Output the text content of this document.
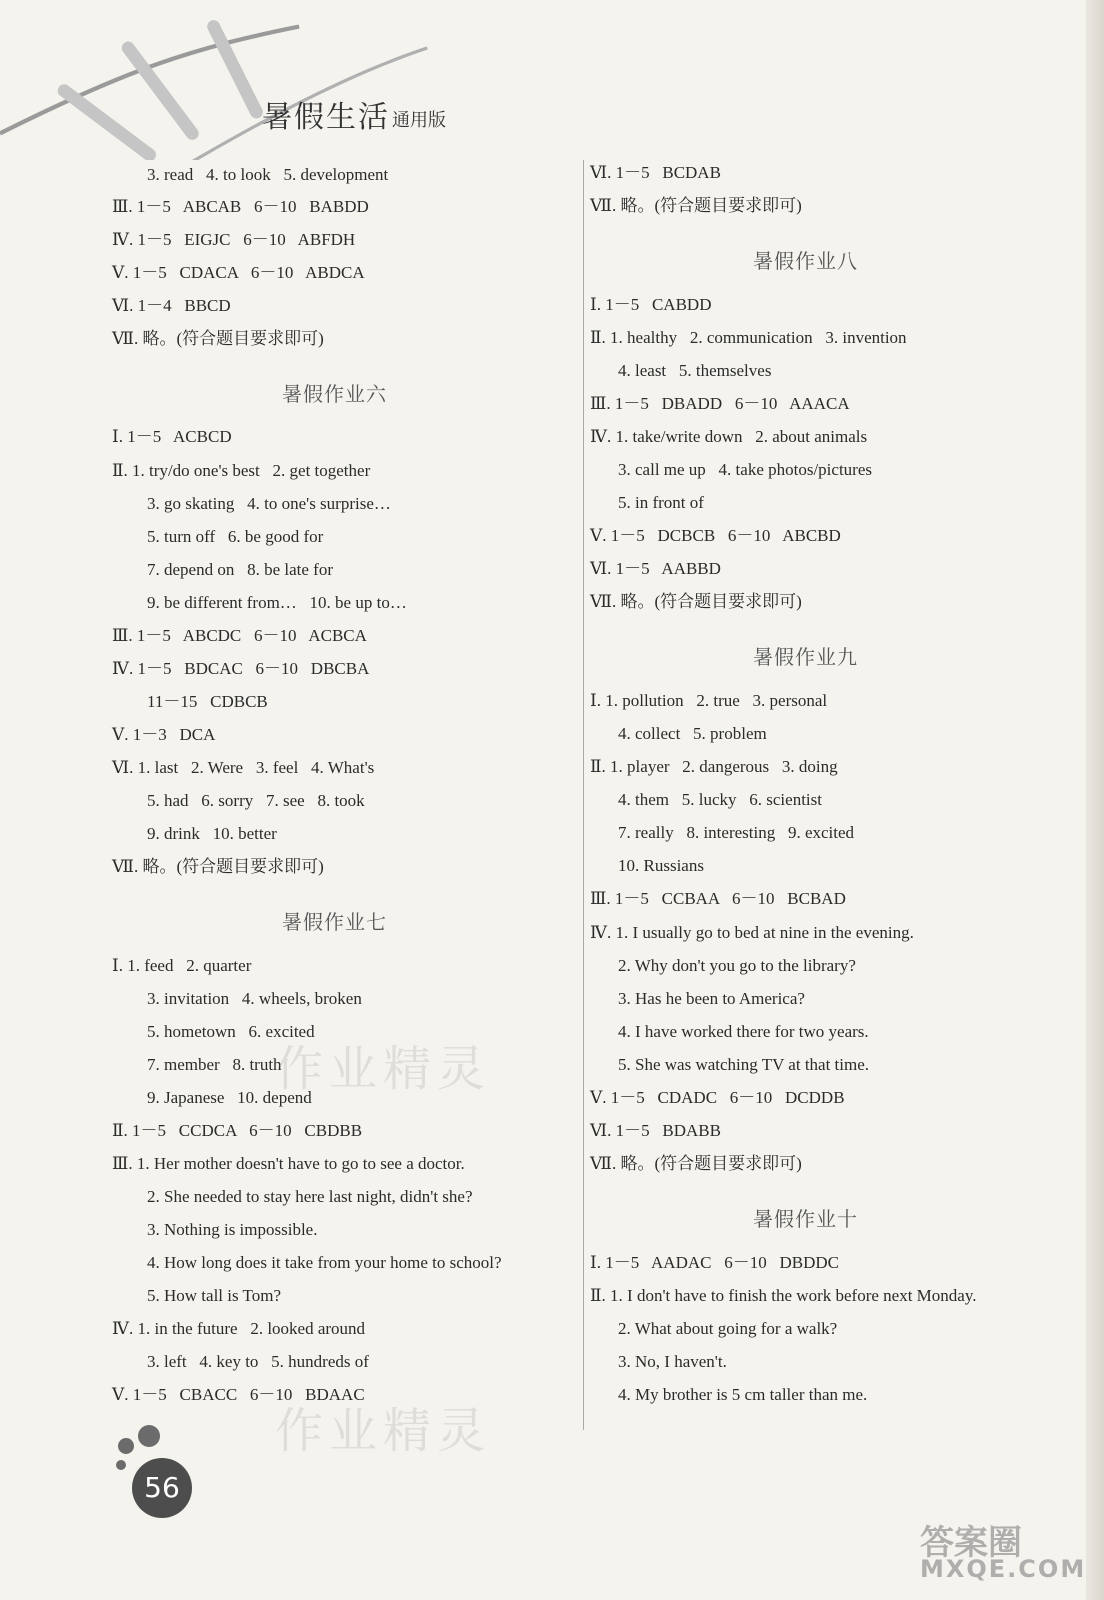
暑假生活 通用版
3. read   4. to look   5. development
Ⅲ. 1－5   ABCAB   6－10   BABDD
Ⅳ. 1－5   EIGJC   6－10   ABFDH
Ⅴ. 1－5   CDACA   6－10   ABDCA
Ⅵ. 1－4   BBCD
Ⅶ. 略。(符合题目要求即可)
暑假作业六
Ⅰ. 1－5   ACBCD
Ⅱ. 1. try/do one's best   2. get together
3. go skating   4. to one's surprise…
5. turn off   6. be good for
7. depend on   8. be late for
9. be different from…   10. be up to…
Ⅲ. 1－5   ABCDC   6－10   ACBCA
Ⅳ. 1－5   BDCAC   6－10   DBCBA
11－15   CDBCB
Ⅴ. 1－3   DCA
Ⅵ. 1. last   2. Were   3. feel   4. What's
5. had   6. sorry   7. see   8. took
9. drink   10. better
Ⅶ. 略。(符合题目要求即可)
暑假作业七
Ⅰ. 1. feed   2. quarter
3. invitation   4. wheels, broken
5. hometown   6. excited
7. member   8. truth
9. Japanese   10. depend
Ⅱ. 1－5   CCDCA   6－10   CBDBB
Ⅲ. 1. Her mother doesn't have to go to see a doctor.
2. She needed to stay here last night, didn't she?
3. Nothing is impossible.
4. How long does it take from your home to school?
5. How tall is Tom?
Ⅳ. 1. in the future   2. looked around
3. left   4. key to   5. hundreds of
Ⅴ. 1－5   CBACC   6－10   BDAAC
Ⅵ. 1－5   BCDAB
Ⅶ. 略。(符合题目要求即可)
暑假作业八
Ⅰ. 1－5   CABDD
Ⅱ. 1. healthy   2. communication   3. invention
4. least   5. themselves
Ⅲ. 1－5   DBADD   6－10   AAACA
Ⅳ. 1. take/write down   2. about animals
3. call me up   4. take photos/pictures
5. in front of
Ⅴ. 1－5   DCBCB   6－10   ABCBD
Ⅵ. 1－5   AABBD
Ⅶ. 略。(符合题目要求即可)
暑假作业九
Ⅰ. 1. pollution   2. true   3. personal
4. collect   5. problem
Ⅱ. 1. player   2. dangerous   3. doing
4. them   5. lucky   6. scientist
7. really   8. interesting   9. excited
10. Russians
Ⅲ. 1－5   CCBAA   6－10   BCBAD
Ⅳ. 1. I usually go to bed at nine in the evening.
2. Why don't you go to the library?
3. Has he been to America?
4. I have worked there for two years.
5. She was watching TV at that time.
Ⅴ. 1－5   CDADC   6－10   DCDDB
Ⅵ. 1－5   BDABB
Ⅶ. 略。(符合题目要求即可)
暑假作业十
Ⅰ. 1－5   AADAC   6－10   DBDDC
Ⅱ. 1. I don't have to finish the work before next Monday.
2. What about going for a walk?
3. No, I haven't.
4. My brother is 5 cm taller than me.
作业精灵
作业精灵
56
答案圈
MXQE.COM
